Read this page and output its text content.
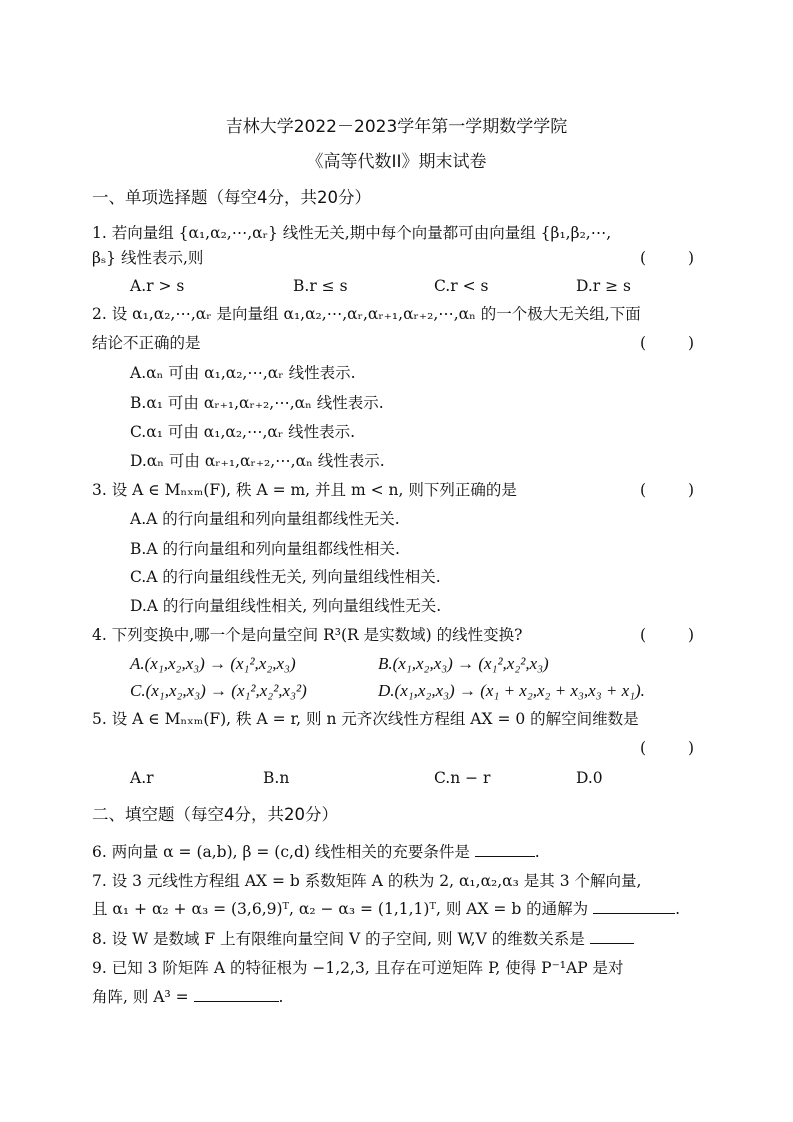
吉林大学2022－2023学年第一学期数学学院
《高等代数II》期末试卷
一、单项选择题（每空4分，共20分）
1. 若向量组 {α₁,α₂,⋯,αᵣ} 线性无关,期中每个向量都可由向量组 {β₁,β₂,⋯,
βₛ} 线性表示,则	(	)
A.r > s	B.r ≤ s	C.r < s	D.r ≥ s
2. 设 α₁,α₂,⋯,αᵣ 是向量组 α₁,α₂,⋯,αᵣ,αᵣ₊₁,αᵣ₊₂,⋯,αₙ 的一个极大无关组,下面
结论不正确的是	(	)
A.αₙ 可由 α₁,α₂,⋯,αᵣ 线性表示.
B.α₁ 可由 αᵣ₊₁,αᵣ₊₂,⋯,αₙ 线性表示.
C.α₁ 可由 α₁,α₂,⋯,αᵣ 线性表示.
D.αₙ 可由 αᵣ₊₁,αᵣ₊₂,⋯,αₙ 线性表示.
3. 设 A ∈ Mₙₓₘ(F), 秩 A = m, 并且 m < n, 则下列正确的是	(	)
A.A 的行向量组和列向量组都线性无关.
B.A 的行向量组和列向量组都线性相关.
C.A 的行向量组线性无关, 列向量组线性相关.
D.A 的行向量组线性相关, 列向量组线性无关.
4. 下列变换中,哪一个是向量空间 R³(R 是实数域) 的线性变换?	(	)
A.(x₁,x₂,x₃) → (x₁²,x₂,x₃)	B.(x₁,x₂,x₃) → (x₁²,x₂²,x₃)
C.(x₁,x₂,x₃) → (x₁²,x₂²,x₃²)	D.(x₁,x₂,x₃) → (x₁ + x₂,x₂ + x₃,x₃ + x₁).
5. 设 A ∈ Mₙₓₘ(F), 秩 A = r, 则 n 元齐次线性方程组 AX = 0 的解空间维数是
(	)
A.r	B.n	C.n − r	D.0
二、填空题（每空4分，共20分）
6. 两向量 α = (a,b), β = (c,d) 线性相关的充要条件是	.
7. 设 3 元线性方程组 AX = b 系数矩阵 A 的秩为 2, α₁,α₂,α₃ 是其 3 个解向量,
且 α₁ + α₂ + α₃ = (3,6,9)ᵀ, α₂ − α₃ = (1,1,1)ᵀ, 则 AX = b 的通解为	.
8. 设 W 是数域 F 上有限维向量空间 V 的子空间, 则 W,V 的维数关系是
9. 已知 3 阶矩阵 A 的特征根为 −1,2,3, 且存在可逆矩阵 P, 使得 P⁻¹AP 是对
角阵, 则 A³ =	.
